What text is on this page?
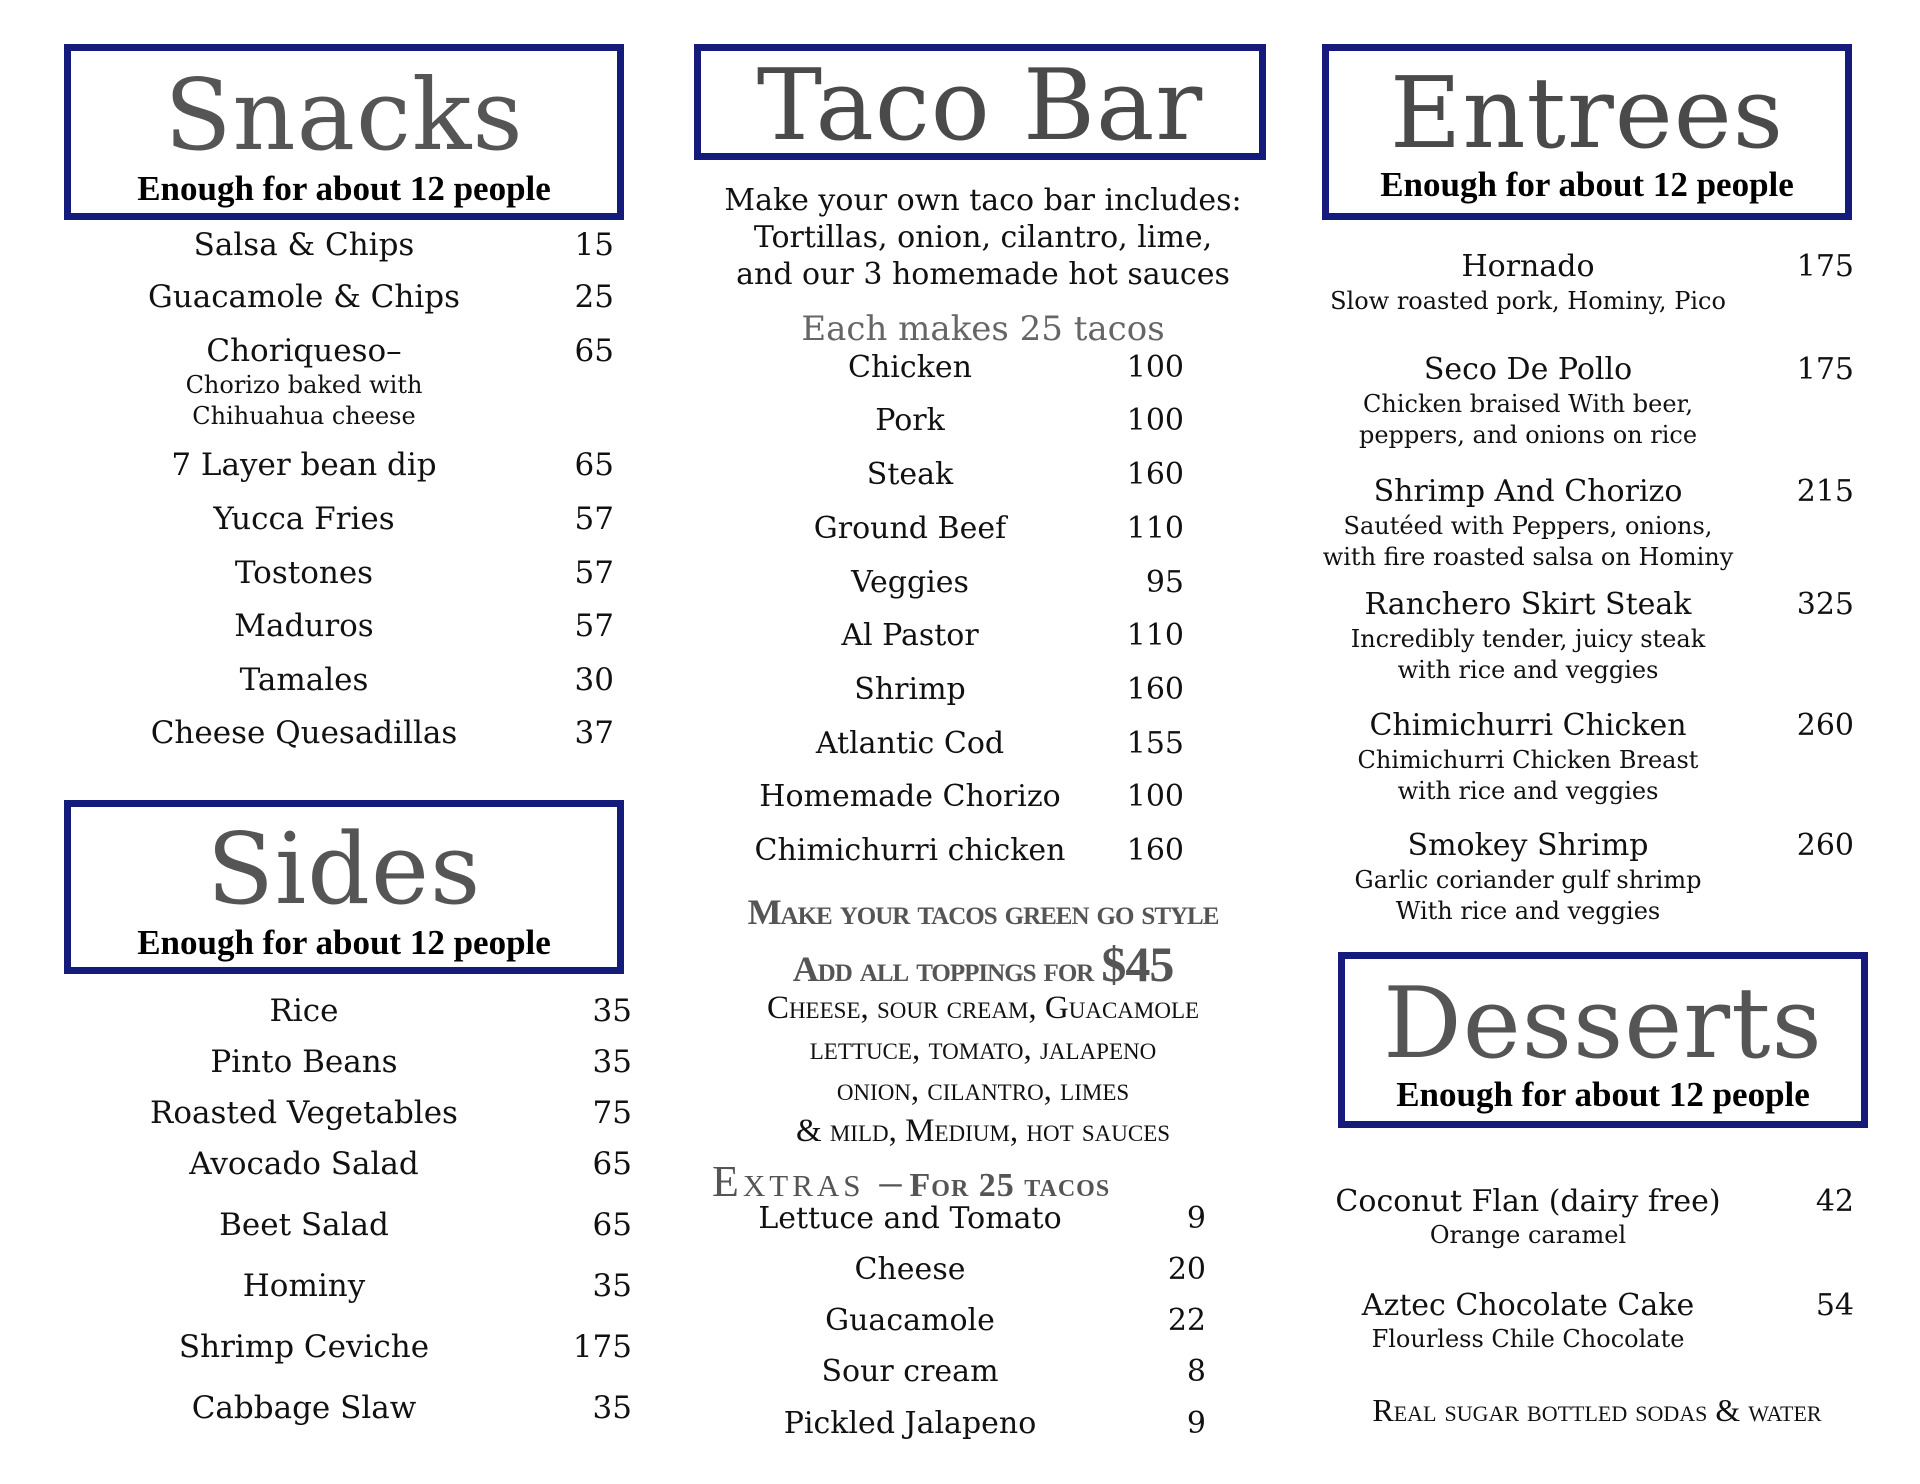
Snacks
Enough for about 12 people
Salsa & Chips	15
Guacamole & Chips	25
Choriqueso–	65
Chorizo baked with
Chihuahua cheese
7 Layer bean dip	65
Yucca Fries	57
Tostones	57
Maduros	57
Tamales	30
Cheese Quesadillas	37
Sides
Enough for about 12 people
Rice	35
Pinto Beans	35
Roasted Vegetables	75
Avocado Salad	65
Beet Salad	65
Hominy	35
Shrimp Ceviche	175
Cabbage Slaw	35
Taco Bar
Make your own taco bar includes:
Tortillas, onion, cilantro, lime,
and our 3 homemade hot sauces
Each makes 25 tacos
Chicken	100
Pork	100
Steak	160
Ground Beef	110
Veggies	95
Al Pastor	110
Shrimp	160
Atlantic Cod	155
Homemade Chorizo	100
Chimichurri chicken	160
Make your tacos green go style
Add all toppings for $45
Cheese, sour cream, Guacamole
lettuce, tomato, jalapeno
onion, cilantro, limes
& mild, Medium, hot sauces
Extras – For 25 tacos
Lettuce and Tomato	9
Cheese	20
Guacamole	22
Sour cream	8
Pickled Jalapeno	9
Entrees
Enough for about 12 people
Hornado	175
Slow roasted pork, Hominy, Pico
Seco De Pollo	175
Chicken braised With beer,
peppers, and onions on rice
Shrimp And Chorizo	215
Sautéed with Peppers, onions,
with fire roasted salsa on Hominy
Ranchero Skirt Steak	325
Incredibly tender, juicy steak
with rice and veggies
Chimichurri Chicken	260
Chimichurri Chicken Breast
with rice and veggies
Smokey Shrimp	260
Garlic coriander gulf shrimp
With rice and veggies
Desserts
Enough for about 12 people
Coconut Flan (dairy free)	42
Orange caramel
Aztec Chocolate Cake	54
Flourless Chile Chocolate
Real sugar bottled sodas & water
